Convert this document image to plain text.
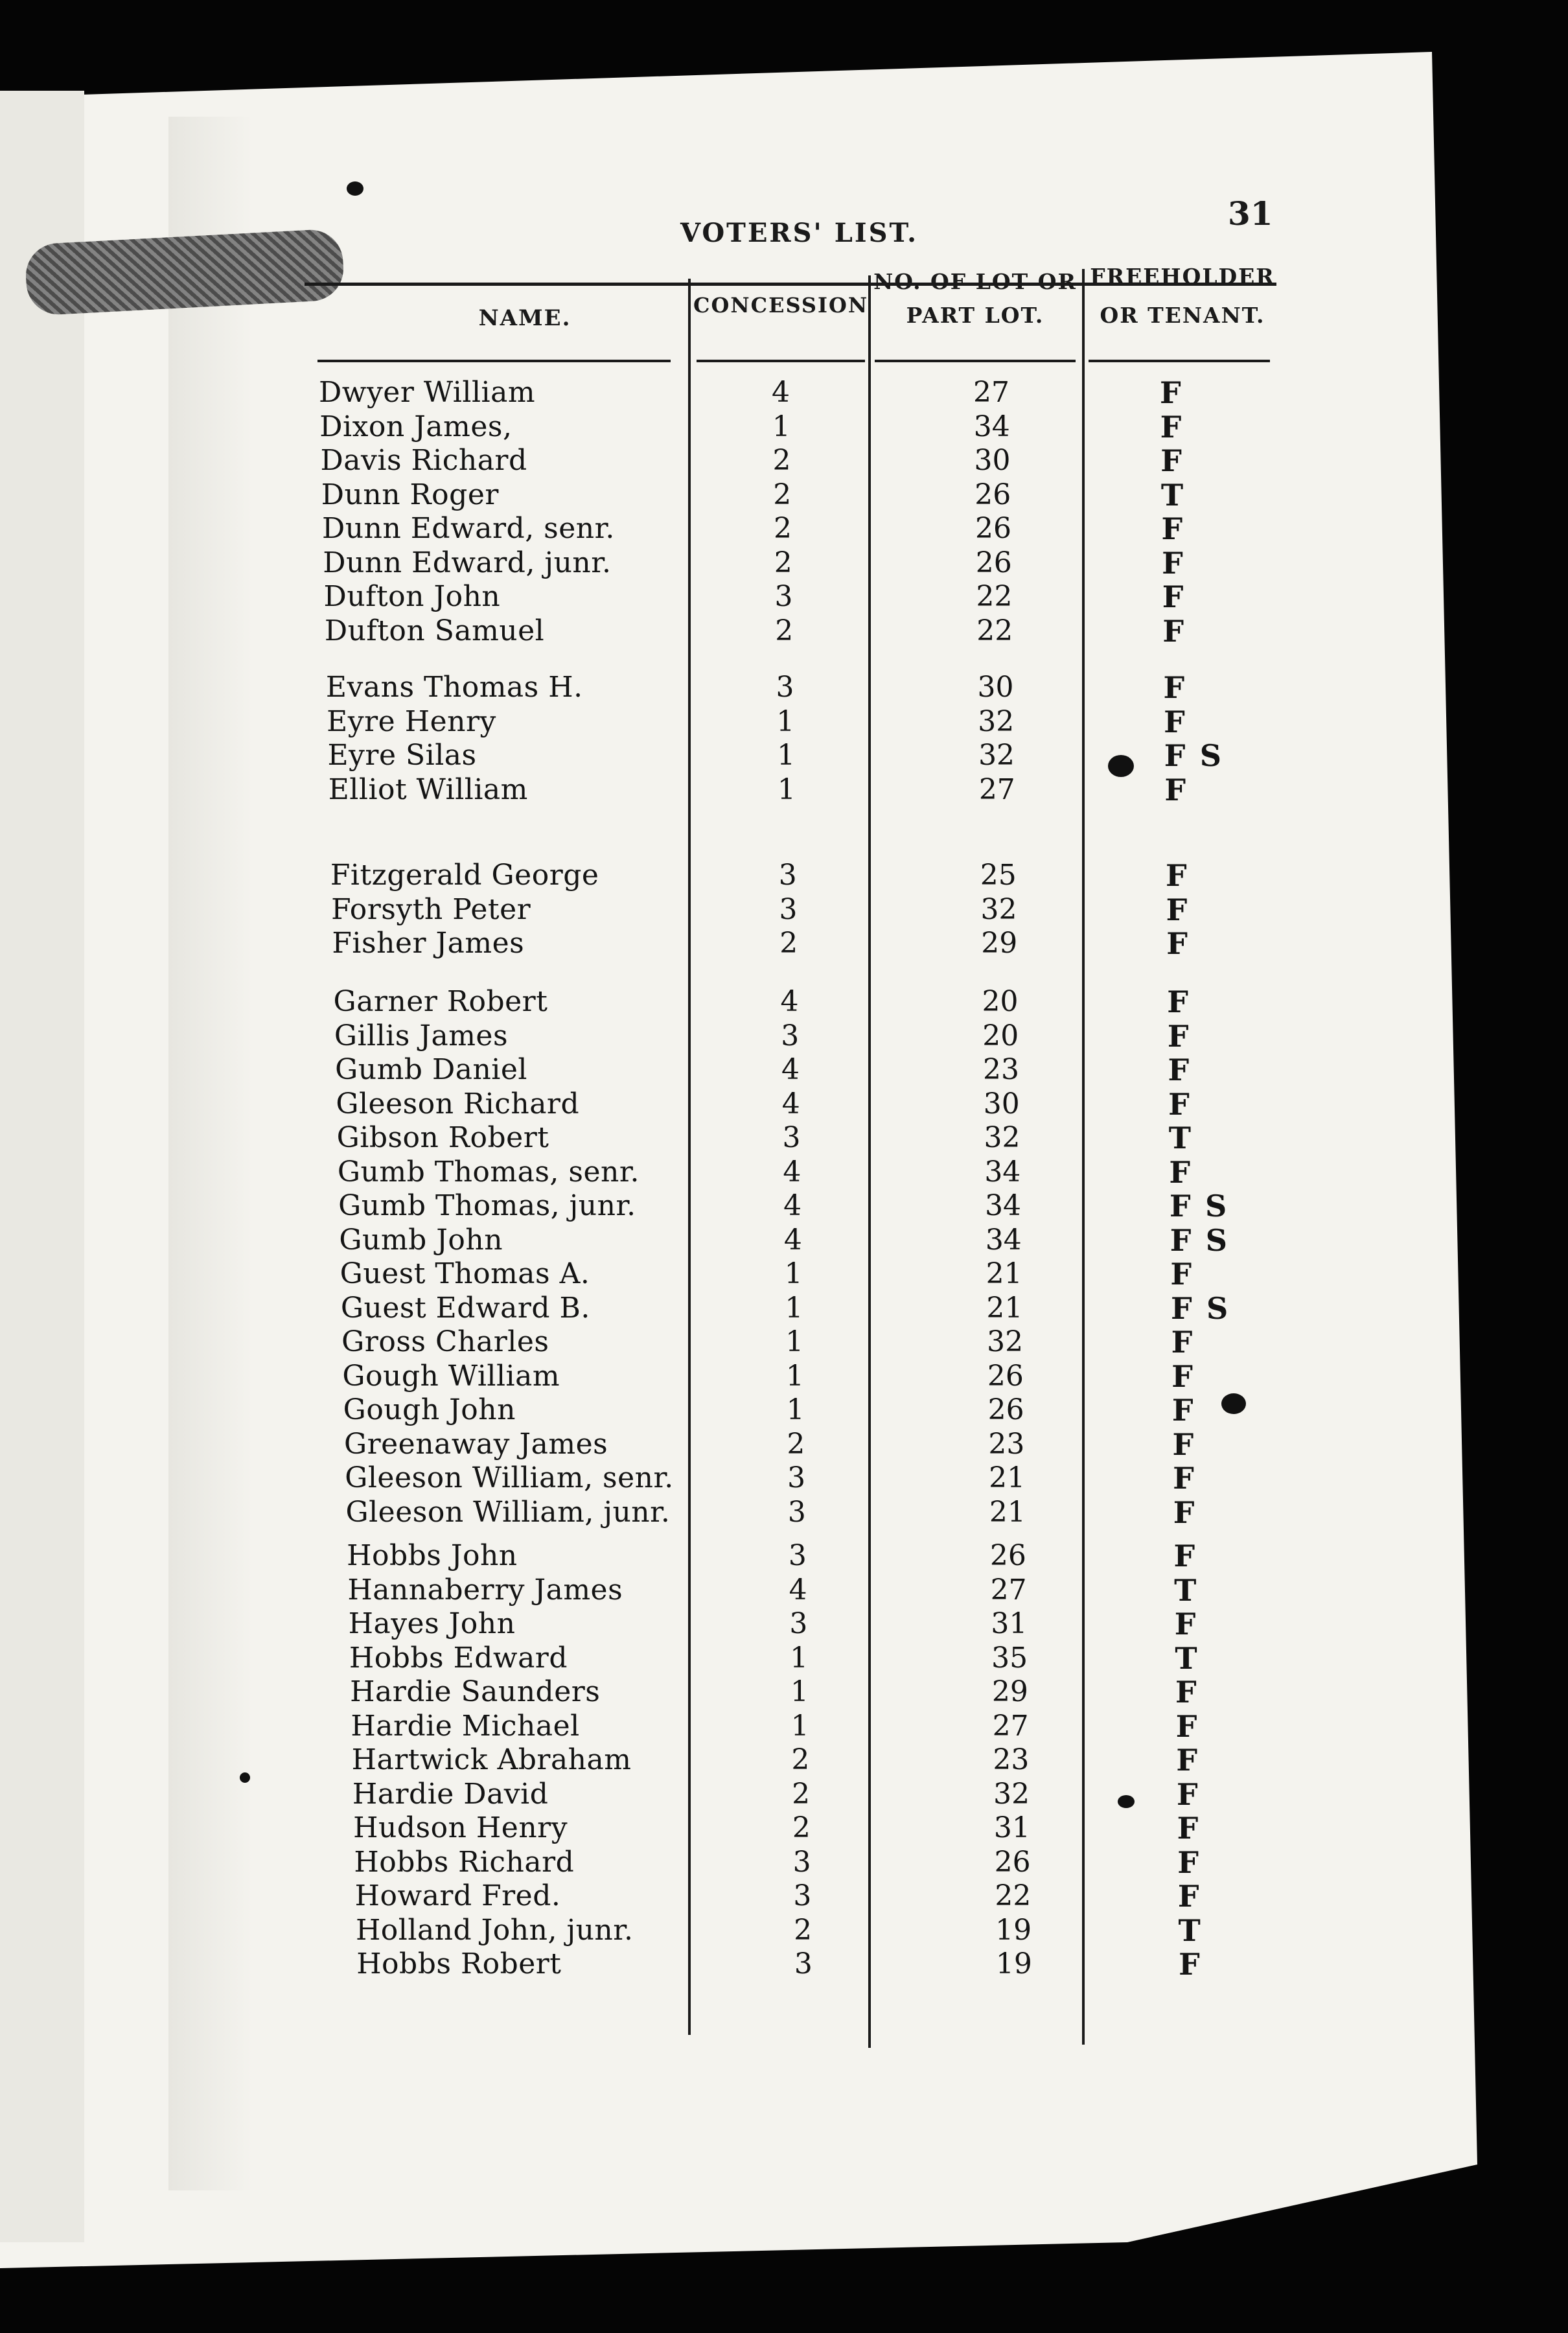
VOTERS' LIST.
31
NAME.	CONCESSION
NO. OF LOT OR
PART LOT.
FREEHOLDER
OR TENANT.
Dwyer William	4	27	F
Dixon James,	1	34	F
Davis Richard	2	30	F
Dunn Roger	2	26	T
Dunn Edward, senr.	2	26	F
Dunn Edward, junr.	2	26	F
Dufton John	3	22	F
Dufton Samuel	2	22	F
Evans Thomas H.	3	30	F
Eyre Henry	1	32	F
Eyre Silas	1	32	F S
Elliot William	1	27	F
Fitzgerald George	3	25	F
Forsyth Peter	3	32	F
Fisher James	2	29	F
Garner Robert	4	20	F
Gillis James	3	20	F
Gumb Daniel	4	23	F
Gleeson Richard	4	30	F
Gibson Robert	3	32	T
Gumb Thomas, senr.	4	34	F
Gumb Thomas, junr.	4	34	F S
Gumb John	4	34	F S
Guest Thomas A.	1	21	F
Guest Edward B.	1	21	F S
Gross Charles	1	32	F
Gough William	1	26	F
Gough John	1	26	F
Greenaway James	2	23	F
Gleeson William, senr.	3	21	F
Gleeson William, junr.	3	21	F
Hobbs John	3	26	F
Hannaberry James	4	27	T
Hayes John	3	31	F
Hobbs Edward	1	35	T
Hardie Saunders	1	29	F
Hardie Michael	1	27	F
Hartwick Abraham	2	23	F
Hardie David	2	32	F
Hudson Henry	2	31	F
Hobbs Richard	3	26	F
Howard Fred.	3	22	F
Holland John, junr.	2	19	T
Hobbs Robert	3	19	F
